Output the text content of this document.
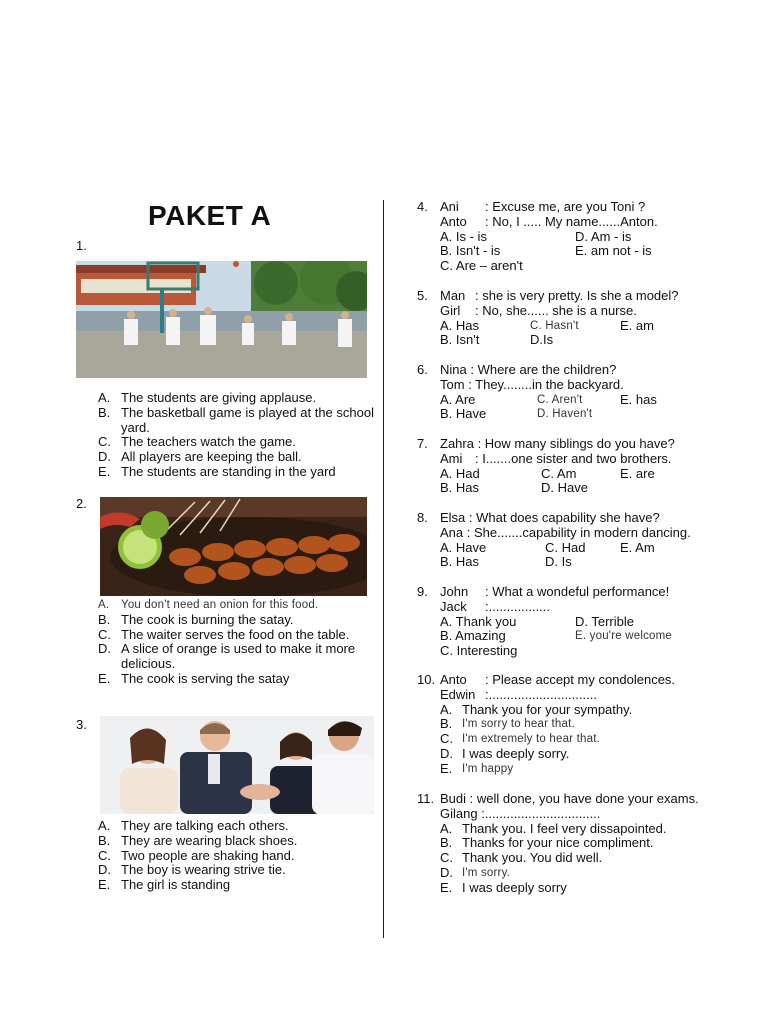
PAKET A
1.
A. The students are giving applause.
B. The basketball game is played at the school yard.
C. The teachers watch the game.
D. All players are keeping the ball.
E. The students are standing in the yard
2.
A. You don't need an onion for this food.
B. The cook is burning the satay.
C. The waiter serves the food on the table.
D. A slice of orange is used to make it more delicious.
E. The cook is serving the satay
3.
A. They are talking each others.
B. They are wearing black shoes.
C. Two people are shaking hand.
D. The boy is wearing strive tie.
E. The girl is standing
4. Ani : Excuse me, are you Toni ?
Anto : No, I ..... My name......Anton.
A. Is - is	D. Am - is
B. Isn't - is	E. am not - is
C. Are – aren't
5. Man : she is very pretty. Is she a model?
Girl : No, she...... she is a nurse.
A. Has	C. Hasn't	E. am
B. Isn't	D.Is
6. Nina : Where are the children?
Tom : They........in the backyard.
A. Are	C. Aren't	E. has
B. Have	D. Haven't
7. Zahra : How many siblings do you have?
Ami : I.......one sister and two brothers.
A. Had	C. Am	E. are
B. Has	D. Have
8. Elsa : What does capability she have?
Ana : She.......capability in modern dancing.
A. Have	C. Had	E. Am
B. Has	D. Is
9. John : What a wondeful performance!
Jack :.................
A. Thank you	D. Terrible
B. Amazing	E. you're welcome
C. Interesting
10. Anto : Please accept my condolences.
Edwin :..............................
A. Thank you for your sympathy.
B. I'm sorry to hear that.
C. I'm extremely to hear that.
D. I was deeply sorry.
E. I'm happy
11. Budi : well done, you have done your exams.
Gilang :................................
A. Thank you. I feel very dissapointed.
B. Thanks for your nice compliment.
C. Thank you. You did well.
D. I'm sorry.
E. I was deeply sorry
